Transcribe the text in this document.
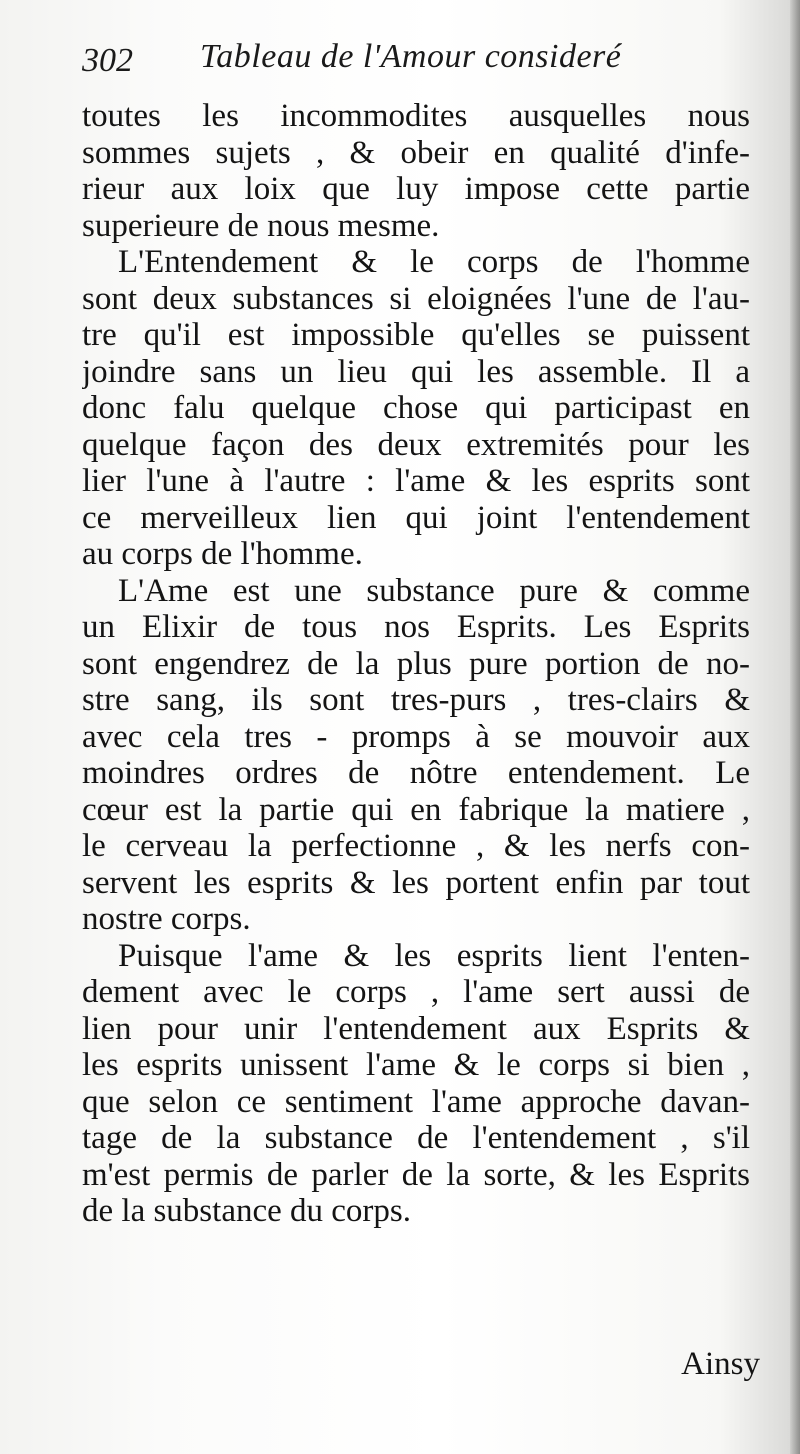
302 Tableau de l'Amour consideré
toutes les incommodites ausquelles nous
sommes sujets , & obeir en qualité d'infe-
rieur aux loix que luy impose cette partie
superieure de nous mesme.
L'Entendement & le corps de l'homme
sont deux substances si eloignées l'une de l'au-
tre qu'il est impossible qu'elles se puissent
joindre sans un lieu qui les assemble. Il a
donc falu quelque chose qui participast en
quelque façon des deux extremités pour les
lier l'une à l'autre : l'ame & les esprits sont
ce merveilleux lien qui joint l'entendement
au corps de l'homme.
L'Ame est une substance pure & comme
un Elixir de tous nos Esprits. Les Esprits
sont engendrez de la plus pure portion de no-
stre sang, ils sont tres-purs , tres-clairs &
avec cela tres - promps à se mouvoir aux
moindres ordres de nôtre entendement. Le
cœur est la partie qui en fabrique la matiere ,
le cerveau la perfectionne , & les nerfs con-
servent les esprits & les portent enfin par tout
nostre corps.
Puisque l'ame & les esprits lient l'enten-
dement avec le corps , l'ame sert aussi de
lien pour unir l'entendement aux Esprits &
les esprits unissent l'ame & le corps si bien ,
que selon ce sentiment l'ame approche davan-
tage de la substance de l'entendement , s'il
m'est permis de parler de la sorte, & les Esprits
de la substance du corps.
Ainsy
